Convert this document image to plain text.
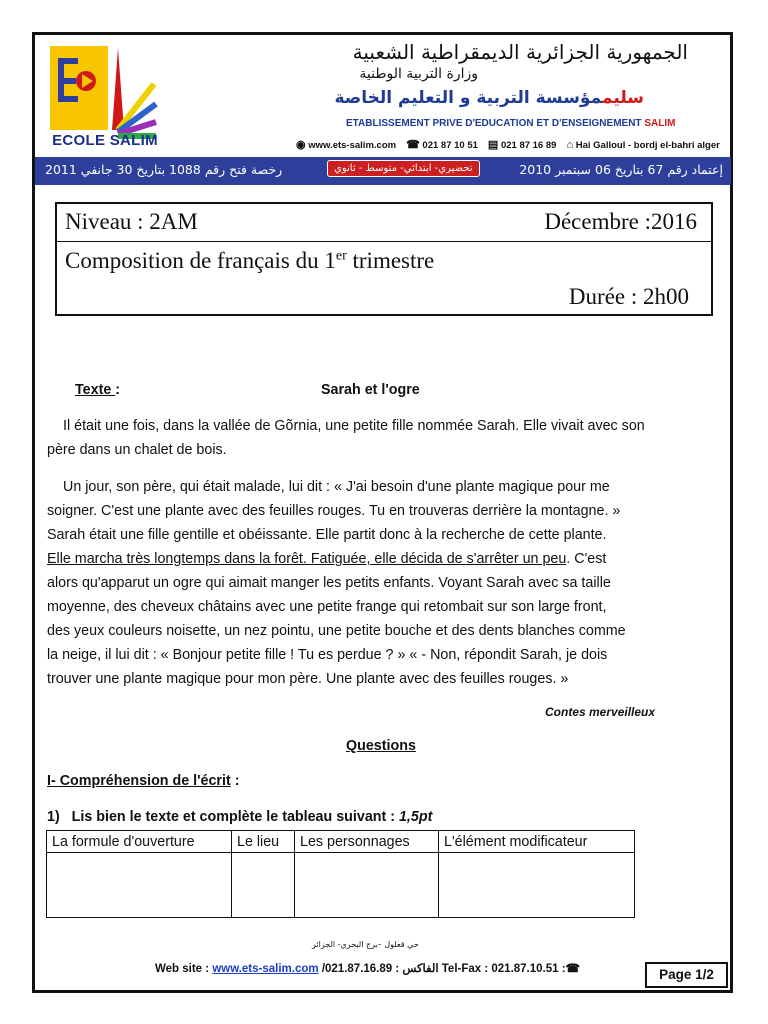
ECOLE SALIM
الجمهورية الجزائرية الديمقراطية الشعبية
وزارة التربية الوطنية
سليممؤسسة التربية و التعليم الخاصة
ETABLISSEMENT PRIVE D'EDUCATION ET D'ENSEIGNEMENT SALIM
◉ www.ets-salim.com ☎ 021 87 10 51 ▤ 021 87 16 89 ⌂ Hai Galloul - bordj el-bahri alger
رخصة فتح رقم 1088 بتاريخ 30 جانفي 2011	تحضيري- ابتدائي- متوسط - ثانوي	إعتماد رقم 67 بتاريخ 06 سبتمبر 2010
Niveau : 2AM	Décembre :2016
Composition de français du 1er trimestre
Durée : 2h00
Texte :	Sarah et l'ogre
Il était une fois, dans la vallée de Gõrnia, une petite fille nommée Sarah. Elle vivait avec son
père dans un chalet de bois.
Un jour, son père, qui était malade, lui dit : « J'ai besoin d'une plante magique pour me
soigner. C'est une plante avec des feuilles rouges. Tu en trouveras derrière la montagne. »
Sarah était une fille gentille et obéissante. Elle partit donc à la recherche de cette plante.
Elle marcha très longtemps dans la forêt. Fatiguée, elle décida de s'arrêter un peu. C'est
alors qu'apparut un ogre qui aimait manger les petits enfants. Voyant Sarah avec sa taille
moyenne, des cheveux châtains avec une petite frange qui retombait sur son large front,
des yeux couleurs noisette, un nez pointu, une petite bouche et des dents blanches comme
la neige, il lui dit : « Bonjour petite fille ! Tu es perdue ? » « - Non, répondit Sarah, je dois
trouver une plante magique pour mon père. Une plante avec des feuilles rouges. »
Contes merveilleux
Questions
I- Compréhension de l'écrit :
1) Lis bien le texte et complète le tableau suivant : 1,5pt
La formule d'ouverture	Le lieu	Les personnages	L'élément modificateur

حي قعلول –برج البحري- الجزائر
Web site : www.ets-salim.com /021.87.16.89 : الفاكس Tel-Fax : 021.87.10.51 :☎	Page 1/2
